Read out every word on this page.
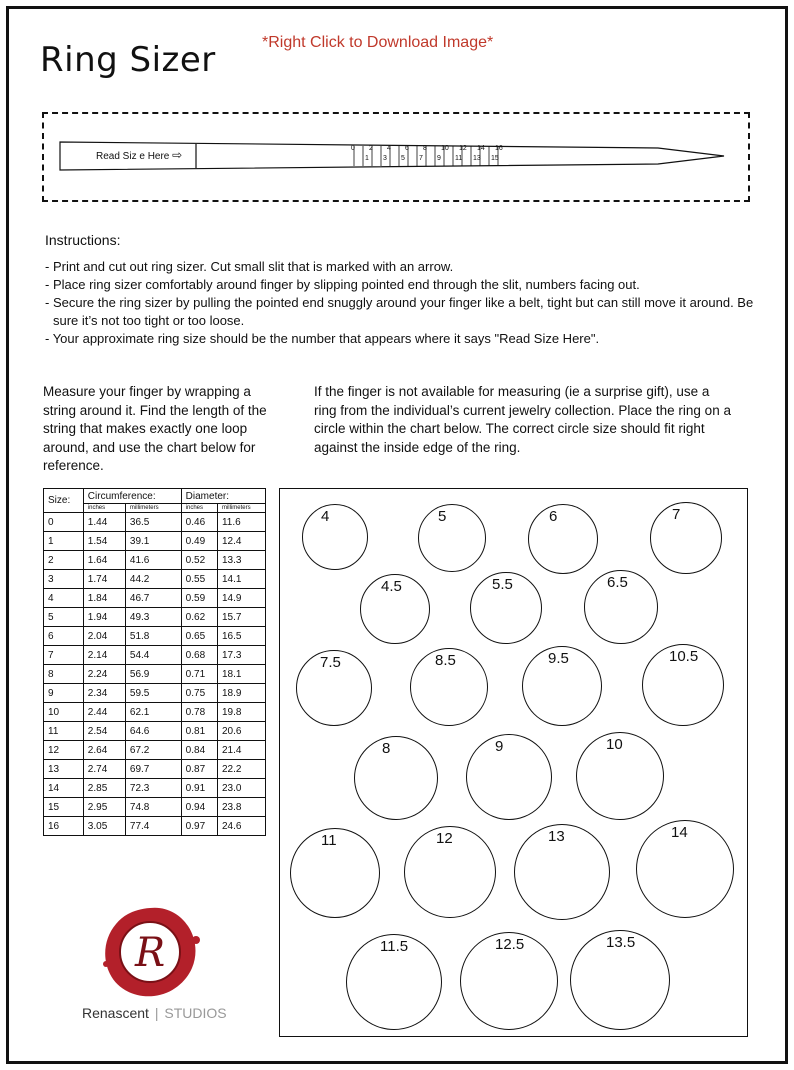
Ring Sizer	*Right Click to Download Image*
Read Siz e Here ⇨	0 2 4 6 8 10 12 14 16
1 3 5 7 9 11 13 15
Instructions:
- Print and cut out ring sizer. Cut small slit that is marked with an arrow.
- Place ring sizer comfortably around finger by slipping pointed end through the slit, numbers facing out.
- Secure the ring sizer by pulling the pointed end snuggly around your finger like a belt, tight but can still move it around. Be sure it’s not too tight or too loose.
- Your approximate ring size should be the number that appears where it says "Read Size Here".
Measure your finger by wrapping a string around it. Find the length of the string that makes exactly one loop around, and use the chart below for reference.
If the finger is not available for measuring (ie a surprise gift), use a ring from the individual’s current jewelry collection. Place the ring on a circle within the chart below. The correct circle size should fit right against the inside edge of the ring.
Size:	Circumference:		Diameter:	
	inches	millimeters	inches	millimeters
0	1.44	36.5	0.46	11.6
1	1.54	39.1	0.49	12.4
2	1.64	41.6	0.52	13.3
3	1.74	44.2	0.55	14.1
4	1.84	46.7	0.59	14.9
5	1.94	49.3	0.62	15.7
6	2.04	51.8	0.65	16.5
7	2.14	54.4	0.68	17.3
8	2.24	56.9	0.71	18.1
9	2.34	59.5	0.75	18.9
10	2.44	62.1	0.78	19.8
11	2.54	64.6	0.81	20.6
12	2.64	67.2	0.84	21.4
13	2.74	69.7	0.87	22.2
14	2.85	72.3	0.91	23.0
15	2.95	74.8	0.94	23.8
16	3.05	77.4	0.97	24.6
4	5	6	7
4.5	5.5	6.5
7.5	8.5	9.5	10.5
8	9	10
11	12	13	14
11.5	12.5	13.5
R
Renascent | STUDIOS
